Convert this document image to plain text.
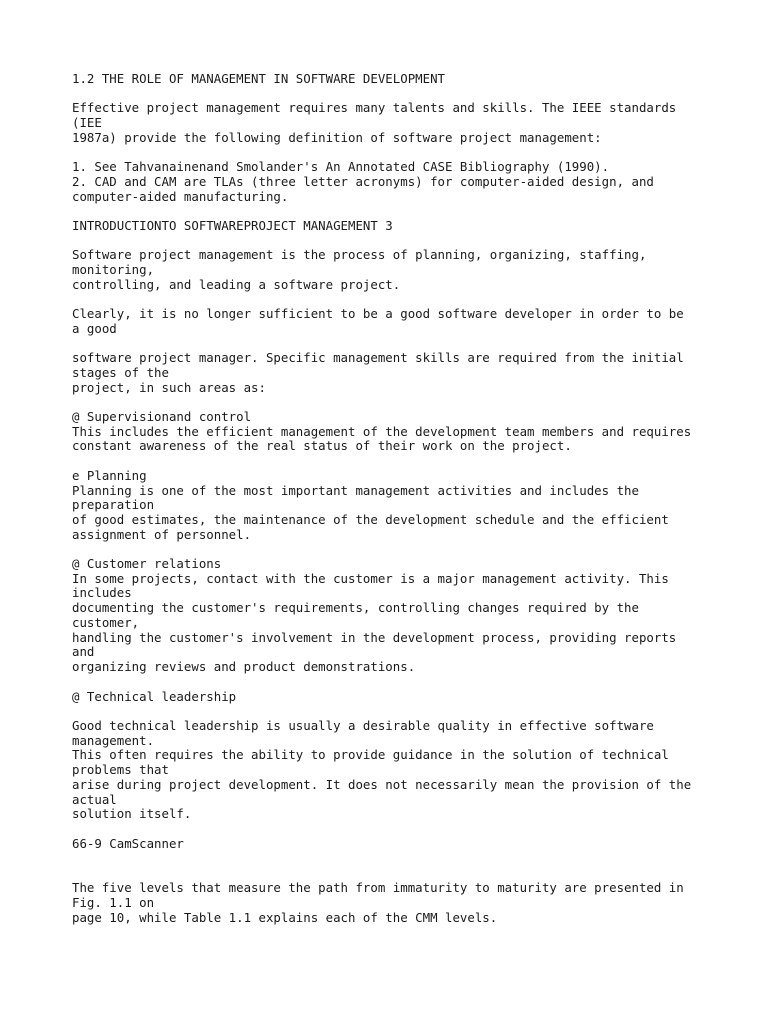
1.2 THE ROLE OF MANAGEMENT IN SOFTWARE DEVELOPMENT
Effective project management requires many talents and skills. The IEEE standards
(IEE
1987a) provide the following definition of software project management:
1. See Tahvanainenand Smolander's An Annotated CASE Bibliography (1990).
2. CAD and CAM are TLAs (three letter acronyms) for computer-aided design, and
computer-aided manufacturing.
INTRODUCTIONTO SOFTWAREPROJECT MANAGEMENT 3
Software project management is the process of planning, organizing, staffing,
monitoring,
controlling, and leading a software project.
Clearly, it is no longer sufficient to be a good software developer in order to be
a good
software project manager. Specific management skills are required from the initial
stages of the
project, in such areas as:
@ Supervisionand control
This includes the efficient management of the development team members and requires
constant awareness of the real status of their work on the project.
e Planning
Planning is one of the most important management activities and includes the
preparation
of good estimates, the maintenance of the development schedule and the efficient
assignment of personnel.
@ Customer relations
In some projects, contact with the customer is a major management activity. This
includes
documenting the customer's requirements, controlling changes required by the
customer,
handling the customer's involvement in the development process, providing reports
and
organizing reviews and product demonstrations.
@ Technical leadership
Good technical leadership is usually a desirable quality in effective software
management.
This often requires the ability to provide guidance in the solution of technical
problems that
arise during project development. It does not necessarily mean the provision of the
actual
solution itself.
66-9 CamScanner
The five levels that measure the path from immaturity to maturity are presented in
Fig. 1.1 on
page 10, while Table 1.1 explains each of the CMM levels.
